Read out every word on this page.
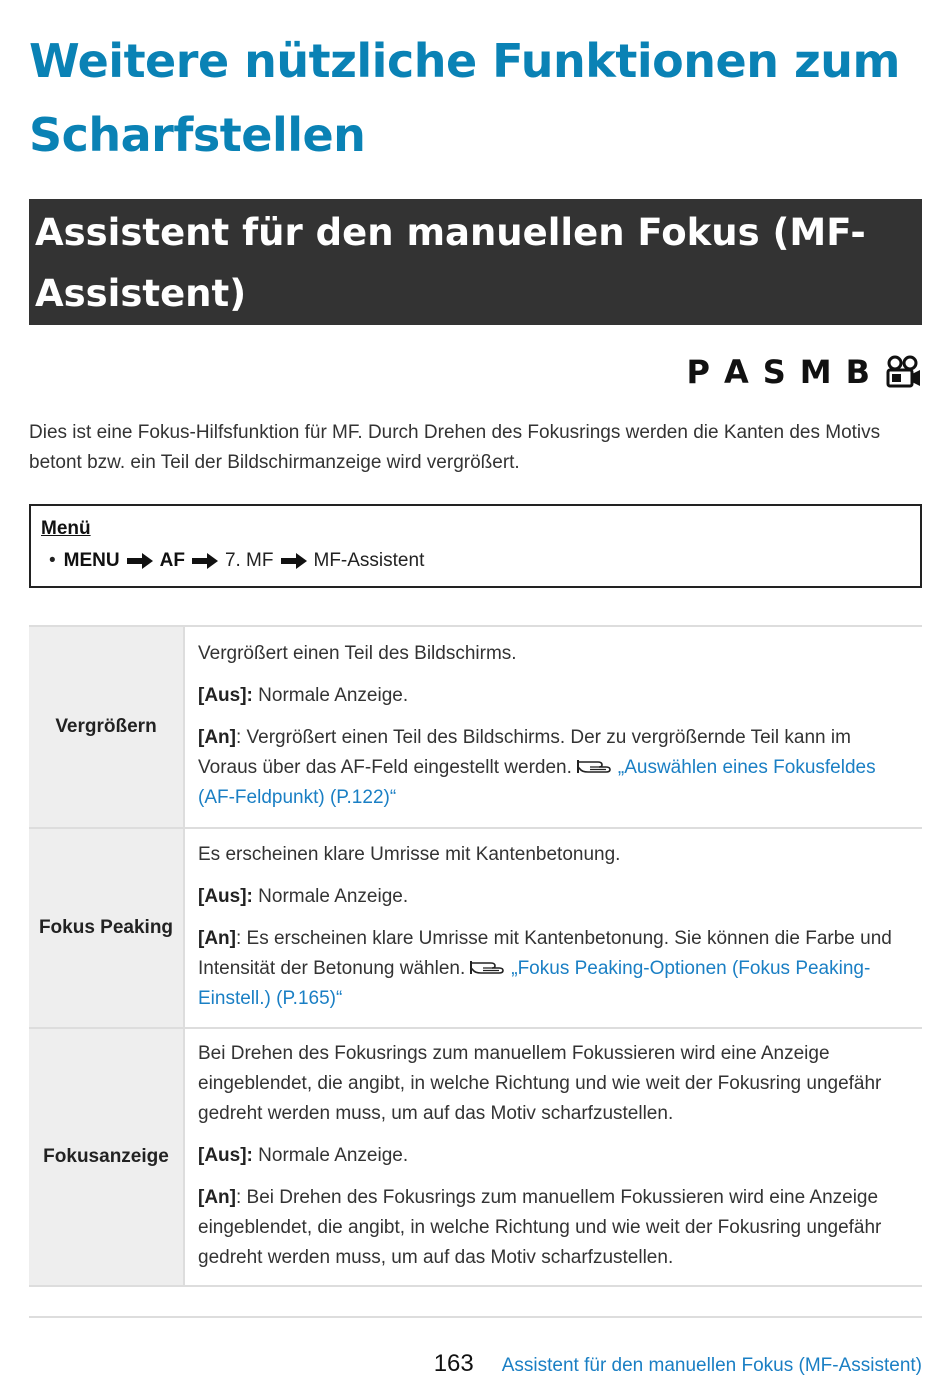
Weitere nützliche Funktionen zum Scharfstellen
Assistent für den manuellen Fokus (MF-Assistent)
P A S M B

Dies ist eine Fokus-Hilfsfunktion für MF. Durch Drehen des Fokusrings werden die Kanten des Motivs betont bzw. ein Teil der Bildschirmanzeige wird vergrößert.

Menü
• MENU AF 7. MF MF-Assistent
Vergrößern	Vergrößert einen Teil des Bildschirms.

[Aus]: Normale Anzeige.

[An]: Vergrößert einen Teil des Bildschirms. Der zu vergrößernde Teil kann im Voraus über das AF-Feld eingestellt werden. „Auswählen eines Fokusfeldes (AF-Feldpunkt) (P.122)“

Fokus Peaking	Es erscheinen klare Umrisse mit Kantenbetonung.

[Aus]: Normale Anzeige.

[An]: Es erscheinen klare Umrisse mit Kantenbetonung. Sie können die Farbe und Intensität der Betonung wählen. „Fokus Peaking-Optionen (Fokus Peaking-Einstell.) (P.165)“

Fokusanzeige	Bei Drehen des Fokusrings zum manuellem Fokussieren wird eine Anzeige eingeblendet, die angibt, in welche Richtung und wie weit der Fokusring ungefähr gedreht werden muss, um auf das Motiv scharfzustellen.

[Aus]: Normale Anzeige.

[An]: Bei Drehen des Fokusrings zum manuellem Fokussieren wird eine Anzeige eingeblendet, die angibt, in welche Richtung und wie weit der Fokusring ungefähr gedreht werden muss, um auf das Motiv scharfzustellen.

163 Assistent für den manuellen Fokus (MF-Assistent)
